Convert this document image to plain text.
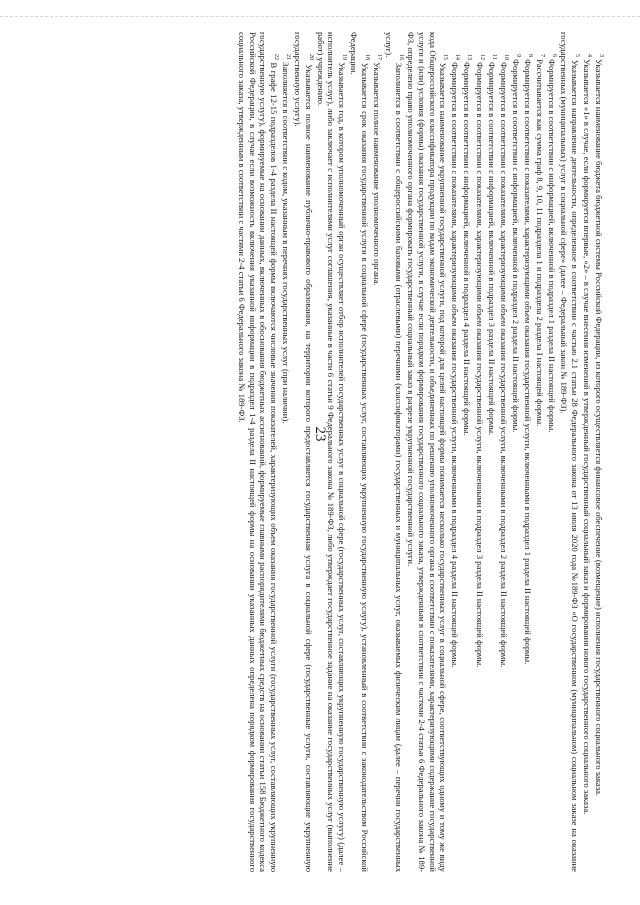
23

$^3$ Указывается наименование бюджета бюджетной системы Российской Федерации, из которого осуществляется финансовое обеспечение (возмещение) исполнения государственного социального заказа.

$^4$ Указывается «1» в случае, если формируется впервые, «2» – в случае внесения изменений в утвержденный государственный социальный заказ и формирования нового государственного социального заказа.

$^5$ Указывается направление деятельности, определенное в соответствии с частью 2.1 статьи 28 Федерального закона от 13 июля 2020 года №189-ФЗ «О государственном (муниципальном) социальном заказе на оказание государственных (муниципальных) услуг в социальной сфере» (далее – Федеральный закон № 189-ФЗ).

$^6$ Формируется в соответствии с информацией, включенной в подраздел 1 раздела II настоящей формы.

$^7$ Рассчитывается как сумма граф 8, 9, 10, 11 подраздела 1 и подраздела 2 раздела I настоящей формы.

$^8$ Формируется в соответствии с показателями, характеризующими объем оказания государственной услуги, включенными в подраздел 1 раздела II настоящей формы.

$^9$ Формируется в соответствии с информацией, включенной в подраздел 2 раздела II настоящей формы.

$^{10}$ Формируется в соответствии с показателями, характеризующими объем оказания государственной услуги, включенными в подраздел 2 раздела II настоящей формы.

$^{11}$ Формируется в соответствии с информацией, включенной в подраздел 3 раздела II настоящей формы.

$^{12}$ Формируется в соответствии с показателями, характеризующими объем оказания государственной услуги, включенными в подраздел 3 раздела II настоящей формы.

$^{13}$ Формируется в соответствии с информацией, включенной в подраздел 4 раздела II настоящей формы.

$^{14}$ Формируется в соответствии с показателями, характеризующими объем оказания государственной услуги, включенными в подраздел 4 раздела II настоящей формы.

$^{15}$ Указывается наименование укрупненной государственной услуги, под которой для целей настоящей формы понимается несколько государственных услуг в социальной сфере, соответствующих одному и тому же виду кода Общероссийского классификатора продукции по видам экономической деятельности, и объединенных по решению уполномоченного органа в соответствии с показателями, характеризующими содержание государственной услуги и (или) условия (формы) оказания государственной услуги, в случае если порядком формирования государственного социального заказа, утвержденным в соответствии с частями 2-4 статьи 6 Федерального закона № 189-ФЗ, определено право уполномоченного органа формировать государственный социальный заказ в разрезе укрупненной государственной услуги.

$^{16}$ Заполняется в соответствии с общероссийскими базовыми (отраслевыми) перечнями (классификаторами) государственных и муниципальных услуг, оказываемых физическим лицам (далее – перечни государственных услуг).

$^{17}$ Указывается полное наименование уполномоченного органа.

$^{18}$ Указывается срок оказания государственной услуги в социальной сфере (государственных услуг, составляющих укрупненную государственную услугу), установленный в соответствии с законодательством Российской Федерации.

$^{19}$ Указывается год, в котором уполномоченный орган осуществляет отбор исполнителей государственных услуг в социальной сфере (государственных услуг, составляющих укрупненную государственную услугу) (далее – исполнитель услуг), либо заключает с исполнителями услуг соглашения, указанные в части 6 статьи 9 Федерального закона № 189-ФЗ, либо утверждает государственное задание на оказание государственных услуг (выполнение работ) учреждению.

$^{20}$ Указывается полное наименование публично-правового образования, на территории которого предоставляется государственная услуга в социальной сфере (государственные услуги, составляющие укрупненную государственную услугу).

$^{21}$ Заполняется в соответствии с кодом, указанным в перечнях государственных услуг (при наличии).

$^{22}$ В графе 12-15 подразделов 1-4 раздела II настоящей формы включаются числовые значения показателей, характеризующих объем оказания государственной услуги (государственных услуг, составляющих укрупненную государственную услугу), формируемые на основании данных, включенных в обоснования бюджетных ассигнований, формируемые главными распорядителями бюджетных средств на основании статьи 158 Бюджетного кодекса Российской Федерации, в случае если возможность включения указанной информации в подраздел 1-4 раздела II настоящей формы на основании указанных данных определена порядком формирования государственного социального заказа, утвержденным в соответствии с частями 2-4 статьи 6 Федерального закона № 189-ФЗ.
